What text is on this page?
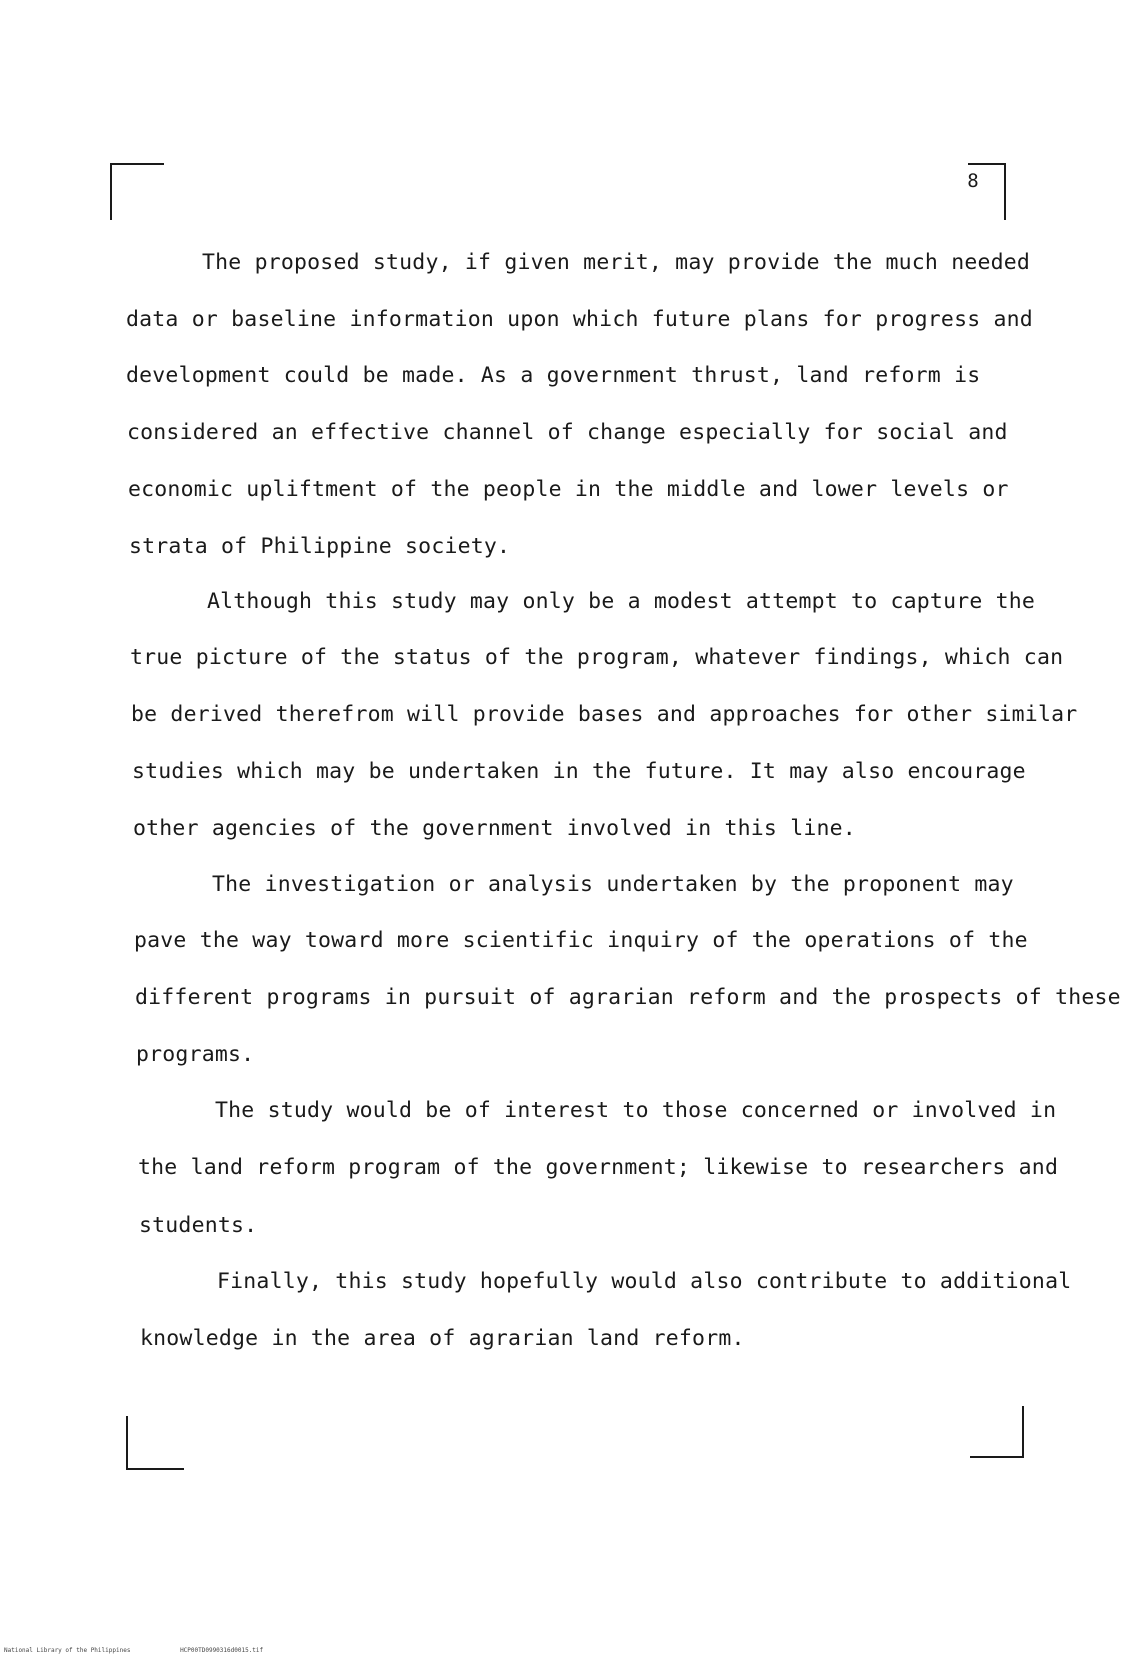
8
The proposed study, if given merit, may provide the much needed
data or baseline information upon which future plans for progress and
development could be made. As a government thrust, land reform is
considered an effective channel of change especially for social and
economic upliftment of the people in the middle and lower levels or
strata of Philippine society.
Although this study may only be a modest attempt to capture the
true picture of the status of the program, whatever findings, which can
be derived therefrom will provide bases and approaches for other similar
studies which may be undertaken in the future. It may also encourage
other agencies of the government involved in this line.
The investigation or analysis undertaken by the proponent may
pave the way toward more scientific inquiry of the operations of the
different programs in pursuit of agrarian reform and the prospects of these
programs.
The study would be of interest to those concerned or involved in
the land reform program of the government; likewise to researchers and
students.
Finally, this study hopefully would also contribute to additional
knowledge in the area of agrarian land reform.
National Library of the Philippines	HCP00TD0990316d0015.tif
